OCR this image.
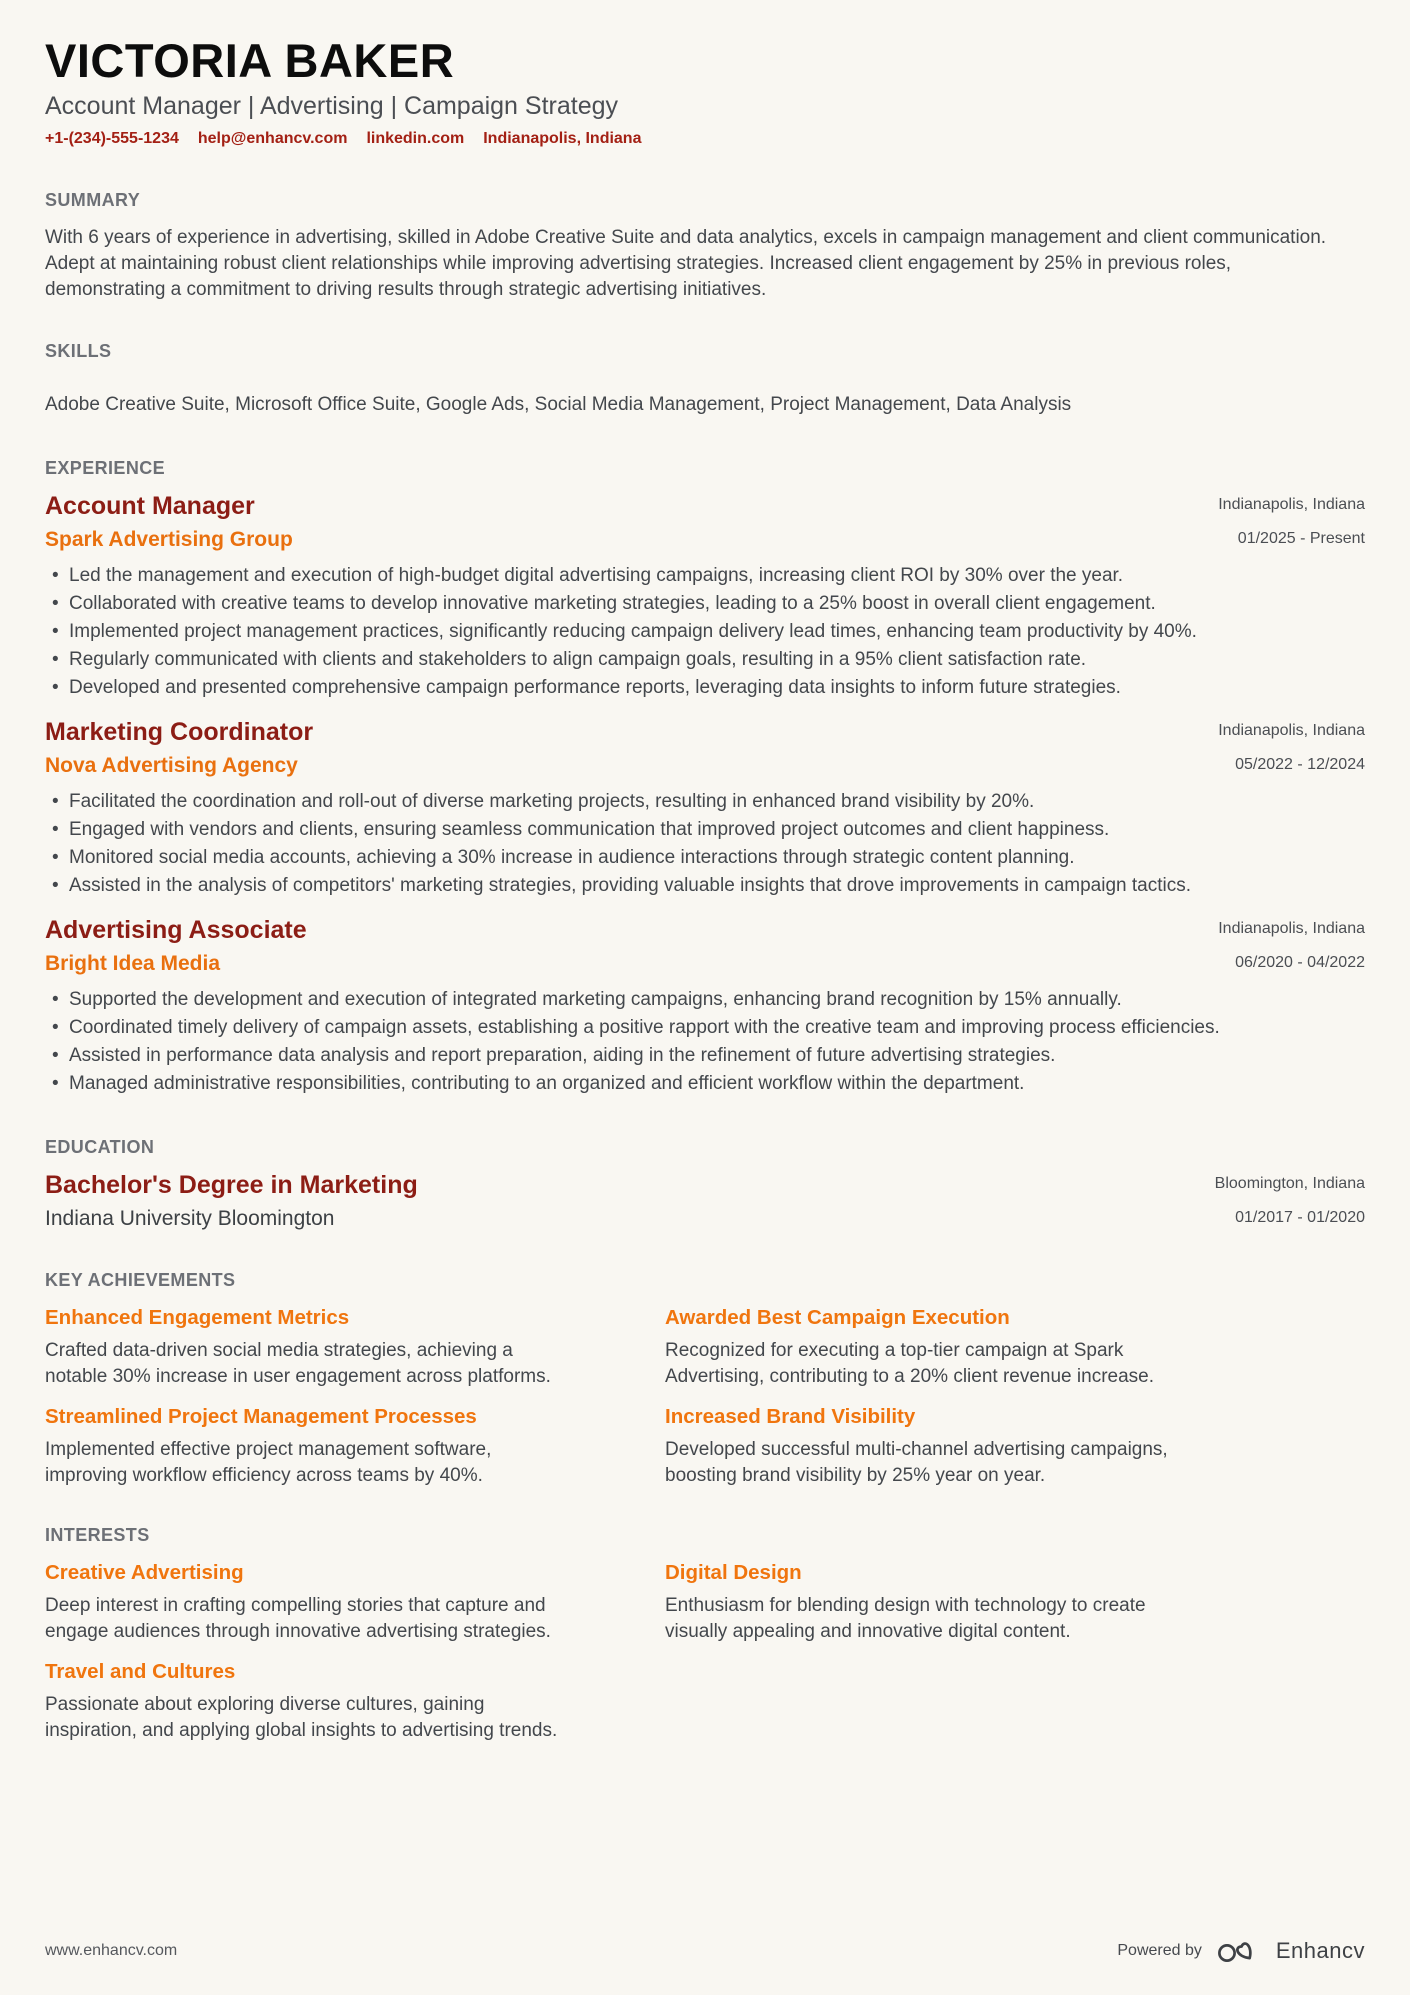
VICTORIA BAKER
Account Manager | Advertising | Campaign Strategy
+1-(234)-555-1234 help@enhancv.com linkedin.com Indianapolis, Indiana
SUMMARY

With 6 years of experience in advertising, skilled in Adobe Creative Suite and data analytics, excels in campaign management and client communication. Adept at maintaining robust client relationships while improving advertising strategies. Increased client engagement by 25% in previous roles, demonstrating a commitment to driving results through strategic advertising initiatives.

SKILLS

Adobe Creative Suite, Microsoft Office Suite, Google Ads, Social Media Management, Project Management, Data Analysis

EXPERIENCE
Account Manager
Spark Advertising Group
Indianapolis, Indiana
01/2025 - Present
• Led the management and execution of high-budget digital advertising campaigns, increasing client ROI by 30% over the year.
• Collaborated with creative teams to develop innovative marketing strategies, leading to a 25% boost in overall client engagement.
• Implemented project management practices, significantly reducing campaign delivery lead times, enhancing team productivity by 40%.
• Regularly communicated with clients and stakeholders to align campaign goals, resulting in a 95% client satisfaction rate.
• Developed and presented comprehensive campaign performance reports, leveraging data insights to inform future strategies.
Marketing Coordinator
Nova Advertising Agency
Indianapolis, Indiana
05/2022 - 12/2024
• Facilitated the coordination and roll-out of diverse marketing projects, resulting in enhanced brand visibility by 20%.
• Engaged with vendors and clients, ensuring seamless communication that improved project outcomes and client happiness.
• Monitored social media accounts, achieving a 30% increase in audience interactions through strategic content planning.
• Assisted in the analysis of competitors' marketing strategies, providing valuable insights that drove improvements in campaign tactics.
Advertising Associate
Bright Idea Media
Indianapolis, Indiana
06/2020 - 04/2022
• Supported the development and execution of integrated marketing campaigns, enhancing brand recognition by 15% annually.
• Coordinated timely delivery of campaign assets, establishing a positive rapport with the creative team and improving process efficiencies.
• Assisted in performance data analysis and report preparation, aiding in the refinement of future advertising strategies.
• Managed administrative responsibilities, contributing to an organized and efficient workflow within the department.
EDUCATION
Bachelor's Degree in Marketing
Indiana University Bloomington
Bloomington, Indiana
01/2017 - 01/2020
KEY ACHIEVEMENTS
Enhanced Engagement Metrics

Crafted data-driven social media strategies, achieving a notable 30% increase in user engagement across platforms.

Awarded Best Campaign Execution

Recognized for executing a top-tier campaign at Spark Advertising, contributing to a 20% client revenue increase.

Streamlined Project Management Processes

Implemented effective project management software, improving workflow efficiency across teams by 40%.

Increased Brand Visibility

Developed successful multi-channel advertising campaigns, boosting brand visibility by 25% year on year.

INTERESTS
Creative Advertising

Deep interest in crafting compelling stories that capture and engage audiences through innovative advertising strategies.

Digital Design

Enthusiasm for blending design with technology to create visually appealing and innovative digital content.

Travel and Cultures

Passionate about exploring diverse cultures, gaining inspiration, and applying global insights to advertising trends.

www.enhancv.com	Powered by	Enhancv
